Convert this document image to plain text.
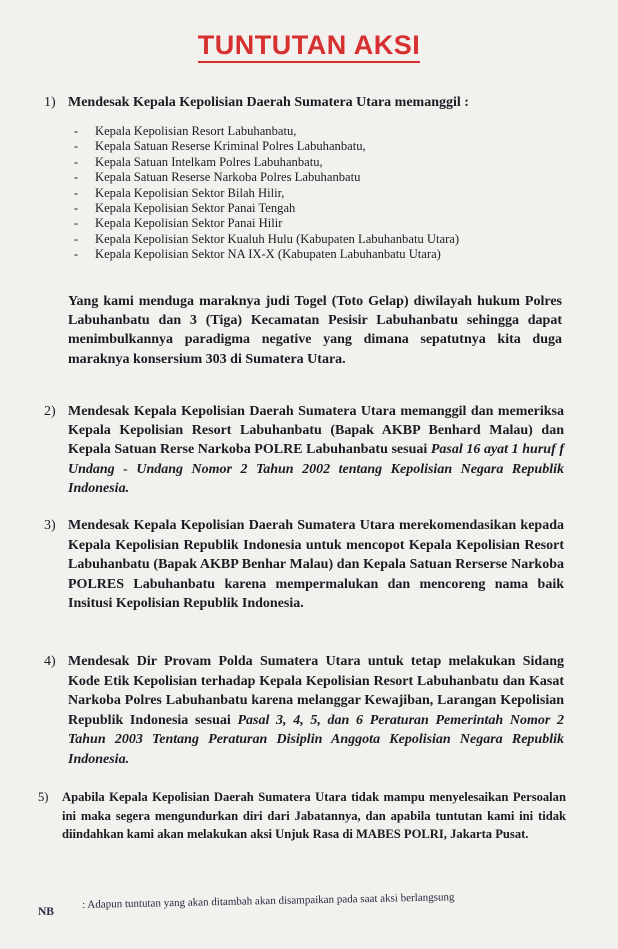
TUNTUTAN AKSI
1) Mendesak Kepala Kepolisian Daerah Sumatera Utara memanggil :
- Kepala Kepolisian Resort Labuhanbatu,
- Kepala Satuan Reserse Kriminal Polres Labuhanbatu,
- Kepala Satuan Intelkam Polres Labuhanbatu,
- Kepala Satuan Reserse Narkoba Polres Labuhanbatu
- Kepala Kepolisian Sektor Bilah Hilir,
- Kepala Kepolisian Sektor Panai Tengah
- Kepala Kepolisian Sektor Panai Hilir
- Kepala Kepolisian Sektor Kualuh Hulu (Kabupaten Labuhanbatu Utara)
- Kepala Kepolisian Sektor NA IX-X (Kabupaten Labuhanbatu Utara)
Yang kami menduga maraknya judi Togel (Toto Gelap) diwilayah hukum Polres Labuhanbatu dan 3 (Tiga) Kecamatan Pesisir Labuhanbatu sehingga dapat menimbulkannya paradigma negative yang dimana sepatutnya kita duga maraknya konsersium 303 di Sumatera Utara.
2) Mendesak Kepala Kepolisian Daerah Sumatera Utara memanggil dan memeriksa Kepala Kepolisian Resort Labuhanbatu (Bapak AKBP Benhard Malau) dan Kepala Satuan Rerse Narkoba POLRE Labuhanbatu sesuai Pasal 16 ayat 1 huruf f Undang - Undang Nomor 2 Tahun 2002 tentang Kepolisian Negara Republik Indonesia.
3) Mendesak Kepala Kepolisian Daerah Sumatera Utara merekomendasikan kepada Kepala Kepolisian Republik Indonesia untuk mencopot Kepala Kepolisian Resort Labuhanbatu (Bapak AKBP Benhar Malau) dan Kepala Satuan Rerserse Narkoba POLRES Labuhanbatu karena mempermalukan dan mencoreng nama baik Insitusi Kepolisian Republik Indonesia.
4) Mendesak Dir Provam Polda Sumatera Utara untuk tetap melakukan Sidang Kode Etik Kepolisian terhadap Kepala Kepolisian Resort Labuhanbatu dan Kasat Narkoba Polres Labuhanbatu karena melanggar Kewajiban, Larangan Kepolisian Republik Indonesia sesuai Pasal 3, 4, 5, dan 6 Peraturan Pemerintah Nomor 2 Tahun 2003 Tentang Peraturan Disiplin Anggota Kepolisian Negara Republik Indonesia.
5) Apabila Kepala Kepolisian Daerah Sumatera Utara tidak mampu menyelesaikan Persoalan ini maka segera mengundurkan diri dari Jabatannya, dan apabila tuntutan kami ini tidak diindahkan kami akan melakukan aksi Unjuk Rasa di MABES POLRI, Jakarta Pusat.
NB
: Adapun tuntutan yang akan ditambah akan disampaikan pada saat aksi berlangsung
